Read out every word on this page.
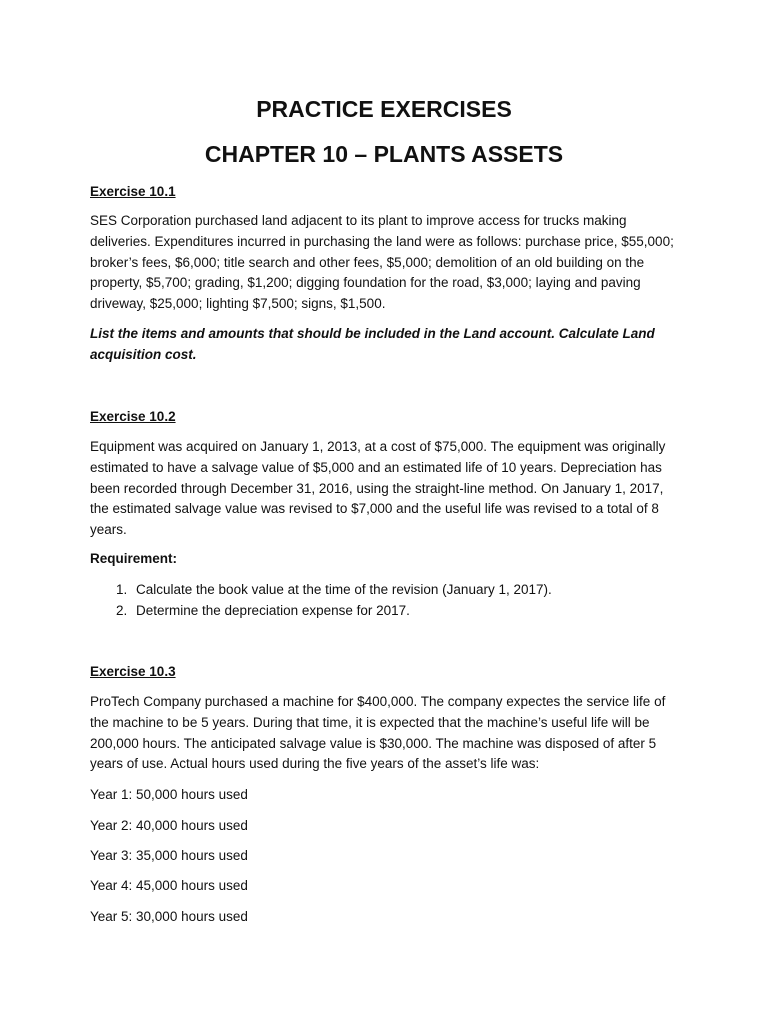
PRACTICE EXERCISES
CHAPTER 10 – PLANTS ASSETS
Exercise 10.1

SES Corporation purchased land adjacent to its plant to improve access for trucks making deliveries. Expenditures incurred in purchasing the land were as follows: purchase price, $55,000; broker’s fees, $6,000; title search and other fees, $5,000; demolition of an old building on the property, $5,700; grading, $1,200; digging foundation for the road, $3,000; laying and paving driveway, $25,000; lighting $7,500; signs, $1,500.

List the items and amounts that should be included in the Land account. Calculate Land acquisition cost.

Exercise 10.2

Equipment was acquired on January 1, 2013, at a cost of $75,000. The equipment was originally estimated to have a salvage value of $5,000 and an estimated life of 10 years. Depreciation has been recorded through December 31, 2016, using the straight-line method. On January 1, 2017, the estimated salvage value was revised to $7,000 and the useful life was revised to a total of 8 years.

Requirement:
1. Calculate the book value at the time of the revision (January 1, 2017).
2. Determine the depreciation expense for 2017.
Exercise 10.3

ProTech Company purchased a machine for $400,000. The company expectes the service life of the machine to be 5 years. During that time, it is expected that the machine’s useful life will be 200,000 hours. The anticipated salvage value is $30,000. The machine was disposed of after 5 years of use. Actual hours used during the five years of the asset’s life was:

Year 1: 50,000 hours used
Year 2: 40,000 hours used
Year 3: 35,000 hours used
Year 4: 45,000 hours used
Year 5: 30,000 hours used
